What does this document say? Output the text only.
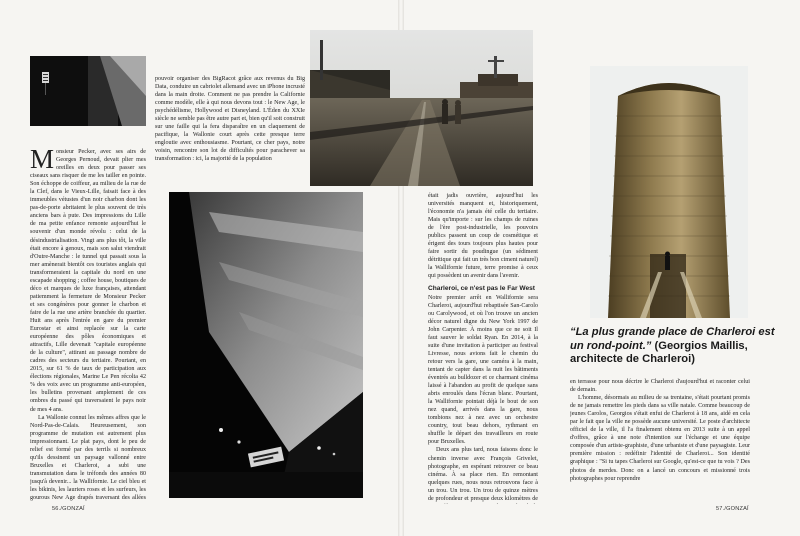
Monsieur Pecker, avec ses airs de Georges Pernoud, devait plier mes oreilles en deux pour passer ses ciseaux sans risquer de me les tailler en pointe. Son échoppe de coiffeur, au milieu de la rue de la Clef, dans le Vieux-Lille, faisait face à des immeubles vétustes d'un noir charbon dont les pas-de-porte abritaient le plus souvent de très anciens bars à pute. Des impressions du Lille de ma petite enfance remonte aujourd'hui le souvenir d'un monde révolu : celui de la désindustrialisation. Vingt ans plus tôt, la ville était encore à genoux, mais son salut viendrait d'Outre-Manche : le tunnel qui passait sous la mer amènerait bientôt ces touristes anglais qui transformeraient la capitale du nord en une escapade shopping ; coffee house, boutiques de déco et marques de luxe françaises, attendant patiemment la fermeture de Monsieur Pecker et ses congénères pour gonner le charbon et faire de la rue une artère branchée du quartier. Huit ans après l'entrée en gare du premier Eurostar et ainsi replacée sur la carte européenne des pôles économiques et attractifs, Lille devenait "capitale européenne de la culture", attirant au passage nombre de cadres des secteurs du tertiaire. Pourtant, en 2015, sur 61 % de taux de participation aux élections régionales, Marine Le Pen récolta 42 % des voix avec un programme anti-européen, les bulletins provenant amplement de ces ombres du passé qui traversaient le pays noir de mes 4 ans.

La Wallonie connut les mêmes affres que le Nord-Pas-de-Calais. Heureusement, son programme de mutation est autrement plus impressionnant. Le plat pays, dont le peu de relief est formé par des terrils si nombreux qu'ils dessinent un paysage vallonné entre Bruxelles et Charleroi, a subi une transmutation dans le tréfonds des années 80 jusqu'à devenir... la Wallifornie. Le ciel bleu et les bikinis, les lauriers roses et les surfeurs, les gourous New Age drapés traversant des allées

pouvoir organiser des BigRacot grâce aux revenus du Big Data, conduire un cabriolet allemand avec un iPhone incrusté dans la main droite. Comment ne pas prendre la Californie comme modèle, elle à qui nous devons tout : le New Age, le psychédélisme, Hollywood et Disneyland. L'Éden du XXIe siècle ne semble pas être autre part et, bien qu'il soit construit sur une faille qui la fera disparaître en un claquement de pacifique, la Wallonie court après cette presque terre engloutie avec enthousiasme. Pourtant, ce cher pays, notre voisin, rencontre son lot de difficultés pour parachever sa transformation : ici, la majorité de la population

était jadis ouvrière, aujourd'hui les universités manquent et, historiquement, l'économie n'a jamais été celle du tertiaire. Mais qu'importe : sur les champs de ruines de l'ère post-industrielle, les pouvoirs publics passent un coup de cosmétique et érigent des tours toujours plus hautes pour faire sortir du poudingue (un sédiment détritique qui fait un très bon ciment naturel) la Wallifornie future, terre promise à ceux qui possèdent un avenir dans l'avenir.

Charleroi, ce n'est pas le Far West

Notre premier arrêt en Wallifornie sera Charleroi, aujourd'hui rebaptisée San-Carolo ou Carolywood, et où l'on trouve un ancien décor naturel digne du New York 1997 de John Carpenter. À moins que ce ne soit Il faut sauver le soldat Ryan. En 2014, à la suite d'une invitation à participer au festival Livresse, nous avions fait le chemin du retour vers la gare, une caméra à la main, tentant de capter dans la nuit les bâtiments éventrés au bulldozer et ce charmant cinéma laissé à l'abandon au profit de quelque sans abris enroulés dans l'écran blanc. Pourtant, la Wallifornie pointait déjà le bout de son nez quand, arrivés dans la gare, nous tombions nez à nez avec un orchestre country, tout beau dehors, rythmant en shuffle le départ des travailleurs en route pour Bruxelles.

Deux ans plus tard, nous faisons donc le chemin inverse avec François Grivelet, photographe, en espérant retrouver ce beau cinéma. À sa place rien. En remontant quelques rues, nous nous retrouvons face à un trou. Un trou. Un trou de quinze mètres de profondeur et presque deux kilomètres de

“La plus grande place de Charleroi est un rond-point.” (Georgios Maillis, architecte de Charleroi)

en terrasse pour nous décrire le Charleroi d'aujourd'hui et raconter celui de demain.

L'homme, désormais au milieu de sa trentaine, s'était pourtant promis de ne jamais remettre les pieds dans sa ville natale. Comme beaucoup de jeunes Carolos, Georgios s'était enfui de Charleroi à 18 ans, aidé en cela par le fait que la ville ne possède aucune université. Le poste d'architecte officiel de la ville, il l'a finalement obtenu en 2013 suite à un appel d'offres, grâce à une note d'intention sur l'échange et une équipe composée d'un artiste-graphiste, d'une urbaniste et d'une paysagiste. Leur première mission : redéfinir l'identité de Charleroi... Son identité graphique : "Si tu tapes Charleroi sur Google, qu'est-ce que tu vois ? Des photos de merdes. Donc on a lancé un concours et missionné trois photographes pour reprendre

56./GONZAÏ	57./GONZAÏ
